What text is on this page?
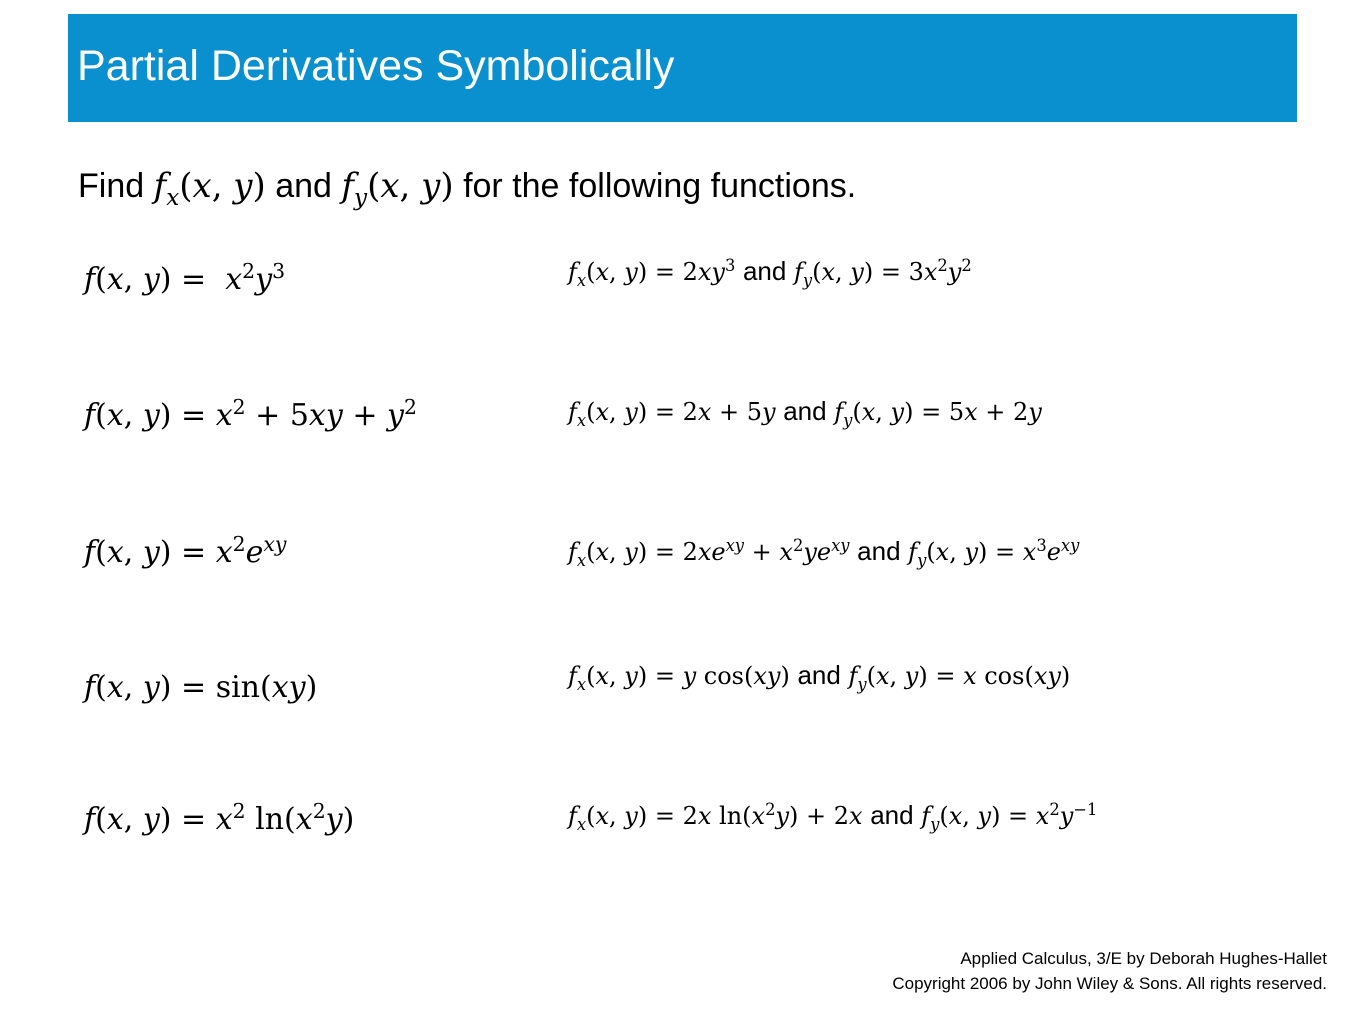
Partial Derivatives Symbolically
Find $f_x(x$, y) and $f_y(x$, y) for the following functions.
f(x, $y) = x^2y^3$	$f_x(x$, $y) = 2xy^3$ and $f_y(x$, $y) = 3x^2y^2$
f(x, $y) = x^2 + 5xy + y^2$	$f_x(x$, y) = 2x + 5y and $f_y(x$, y) = 5x + 2y
f(x, $y) = x^2e^{xy}$	$f_x(x$, $y) = 2xe^{xy} + x^2ye^{xy}$ and $f_y(x$, $y) = x^3e^{xy}$
f(x, y) = sin(xy)	$f_x(x$, y) = y cos(xy) and $f_y(x$, y) = x cos(xy)
f(x, $y) = x^2$ $\ln(x^2y)$	$f_x(x$, y) = 2x $\ln(x^2y) + 2x$ and $f_y(x$, $y) = x^2y^{-1}$
Applied Calculus, 3/E by Deborah Hughes-Hallet
Copyright 2006 by John Wiley & Sons. All rights reserved.
